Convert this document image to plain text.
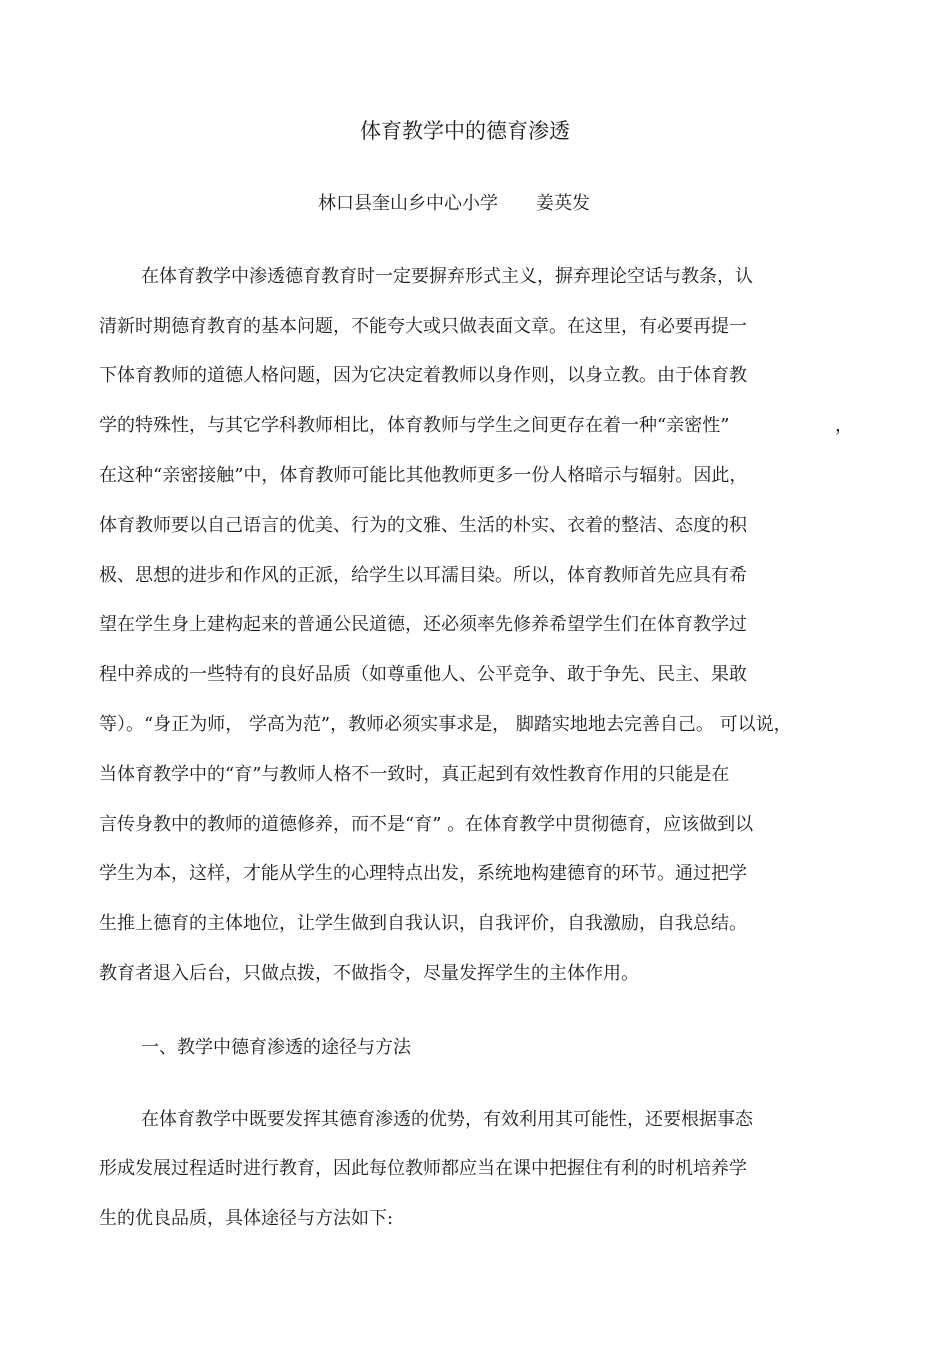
体育教学中的德育渗透
林口县奎山乡中心小学 姜英发
在体育教学中渗透德育教育时一定要摒弃形式主义，摒弃理论空话与教条，认
清新时期德育教育的基本问题，不能夸大或只做表面文章。在这里，有必要再提一
下体育教师的道德人格问题，因为它决定着教师以身作则，以身立教。由于体育教
学的特殊性，与其它学科教师相比，体育教师与学生之间更存在着一种“亲密性”	，
在这种“亲密接触”中，体育教师可能比其他教师更多一份人格暗示与辐射。因此，
体育教师要以自己语言的优美、行为的文雅、生活的朴实、衣着的整洁、态度的积
极、思想的进步和作风的正派，给学生以耳濡目染。所以，体育教师首先应具有希
望在学生身上建构起来的普通公民道德，还必须率先修养希望学生们在体育教学过
程中养成的一些特有的良好品质（如尊重他人、公平竞争、敢于争先、民主、果敢
等）。“身正为师， 学高为范”，教师必须实事求是， 脚踏实地地去完善自己。 可以说，
当体育教学中的“育”与教师人格不一致时，真正起到有效性教育作用的只能是在
言传身教中的教师的道德修养，而不是“育” 。在体育教学中贯彻德育，应该做到以
学生为本，这样，才能从学生的心理特点出发，系统地构建德育的环节。通过把学
生推上德育的主体地位，让学生做到自我认识，自我评价，自我激励，自我总结。
教育者退入后台，只做点拨，不做指令，尽量发挥学生的主体作用。
一、教学中德育渗透的途径与方法
在体育教学中既要发挥其德育渗透的优势，有效利用其可能性，还要根据事态
形成发展过程适时进行教育，因此每位教师都应当在课中把握住有利的时机培养学
生的优良品质，具体途径与方法如下:
